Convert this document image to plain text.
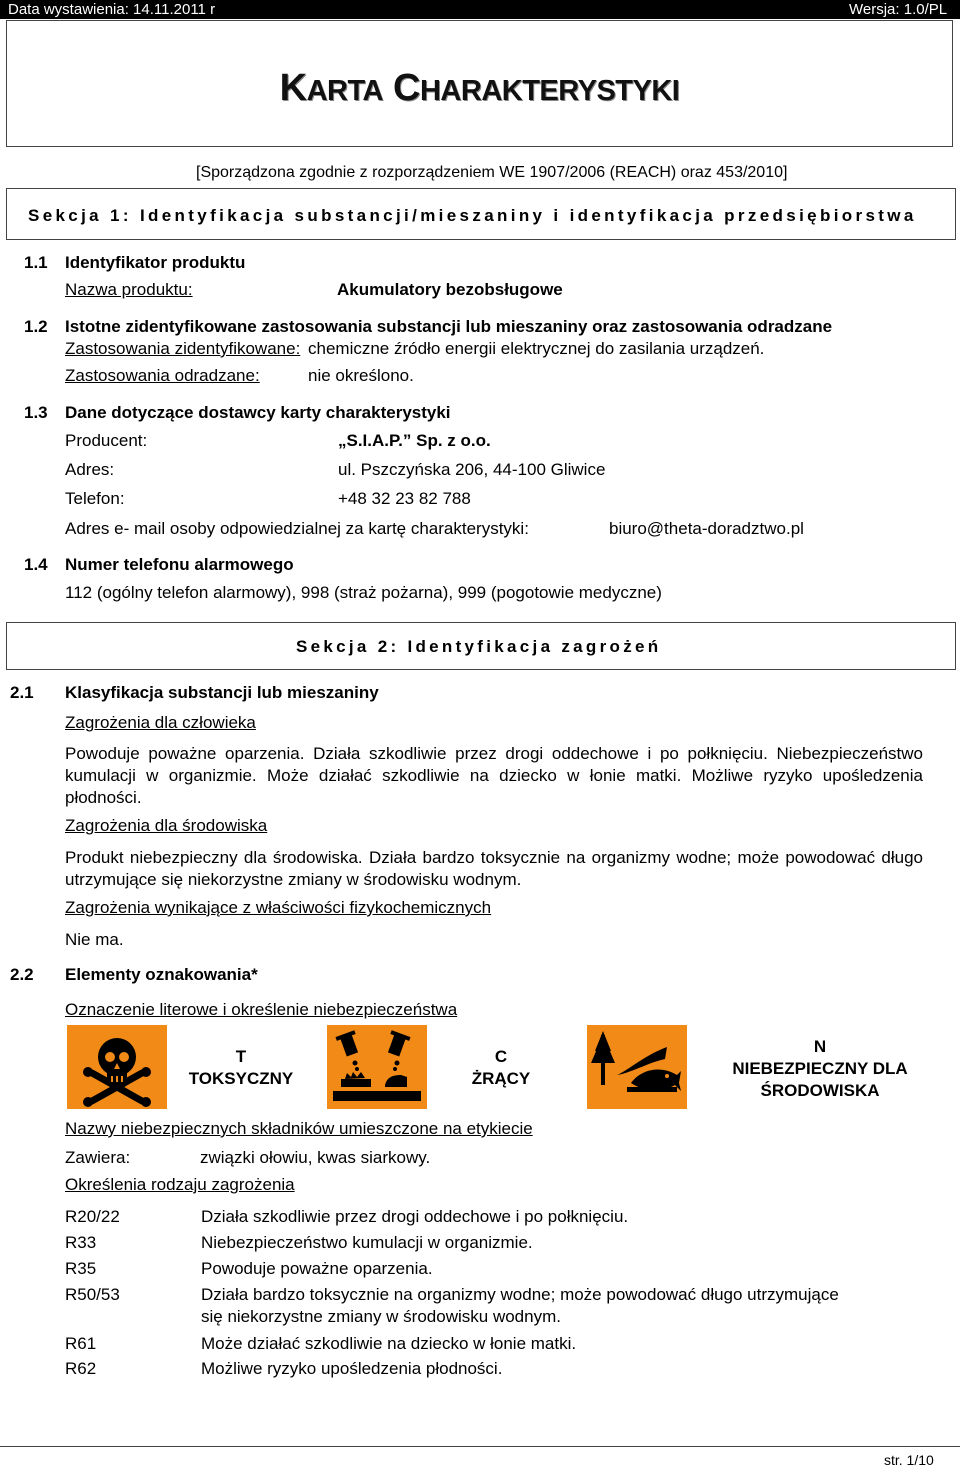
Data wystawienia: 14.11.2011 r	Wersja: 1.0/PL
KARTA CHARAKTERYSTYKI
[Sporządzona zgodnie z rozporządzeniem WE 1907/2006 (REACH) oraz 453/2010]
Sekcja 1: Identyfikacja substancji/mieszaniny i identyfikacja przedsiębiorstwa
1.1 Identyfikator produktu
Nazwa produktu:	Akumulatory bezobsługowe
1.2 Istotne zidentyfikowane zastosowania substancji lub mieszaniny oraz zastosowania odradzane
Zastosowania zidentyfikowane: chemiczne źródło energii elektrycznej do zasilania urządzeń.
Zastosowania odradzane:	nie określono.
1.3 Dane dotyczące dostawcy karty charakterystyki
Producent:	„S.I.A.P.” Sp. z o.o.
Adres:	ul. Pszczyńska 206, 44-100 Gliwice
Telefon:	+48 32 23 82 788
Adres e- mail osoby odpowiedzialnej za kartę charakterystyki:	biuro@theta-doradztwo.pl
1.4 Numer telefonu alarmowego
112 (ogólny telefon alarmowy), 998 (straż pożarna), 999 (pogotowie medyczne)
Sekcja 2: Identyfikacja zagrożeń
2.1 Klasyfikacja substancji lub mieszaniny
Zagrożenia dla człowieka
Powoduje poważne oparzenia. Działa szkodliwie przez drogi oddechowe i po połknięciu. Niebezpieczeństwo kumulacji w organizmie. Może działać szkodliwie na dziecko w łonie matki. Możliwe ryzyko upośledzenia płodności.
Zagrożenia dla środowiska
Produkt niebezpieczny dla środowiska. Działa bardzo toksycznie na organizmy wodne; może powodować długo utrzymujące się niekorzystne zmiany w środowisku wodnym.
Zagrożenia wynikające z właściwości fizykochemicznych
Nie ma.
2.2 Elementy oznakowania*
Oznaczenie literowe i określenie niebezpieczeństwa
T
TOKSYCZNY
C
ŻRĄCY
N
NIEBEZPIECZNY DLA
ŚRODOWISKA
Nazwy niebezpiecznych składników umieszczone na etykiecie
Zawiera:	związki ołowiu, kwas siarkowy.
Określenia rodzaju zagrożenia
R20/22	Działa szkodliwie przez drogi oddechowe i po połknięciu.
R33	Niebezpieczeństwo kumulacji w organizmie.
R35	Powoduje poważne oparzenia.
R50/53	Działa bardzo toksycznie na organizmy wodne; może powodować długo utrzymujące
się niekorzystne zmiany w środowisku wodnym.
R61	Może działać szkodliwie na dziecko w łonie matki.
R62	Możliwe ryzyko upośledzenia płodności.
str. 1/10
